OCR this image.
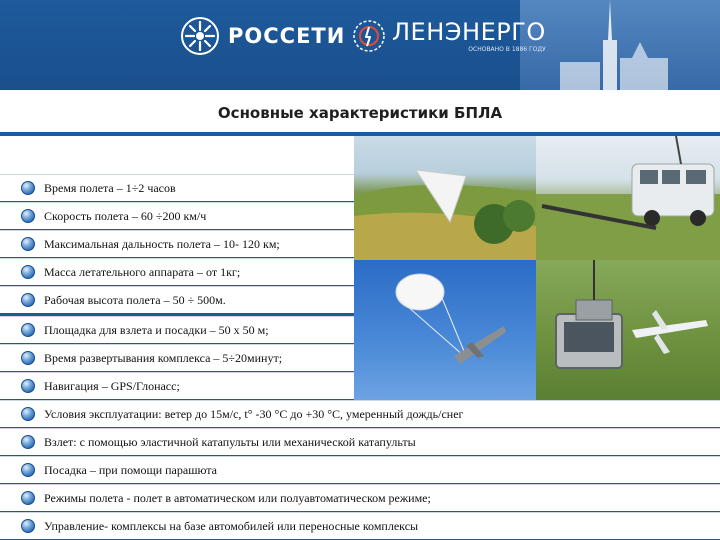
РОССЕТИ ЛЕНЭНЕРГО
ОСНОВАНО В 1886 ГОДУ
Основные характеристики БПЛА
Время полета – 1÷2 часов
Скорость полета – 60 ÷200 км/ч
Максимальная дальность полета – 10- 120 км;
Масса летательного аппарата – от 1кг;
Рабочая высота полета – 50 ÷ 500м.
Площадка для взлета и посадки – 50 х 50 м;
Время развертывания комплекса – 5÷20минут;
Навигация – GPS/Глонасс;
Условия эксплуатации: ветер до 15м/с, t° -30 °C до +30 °C, умеренный дождь/снег
Взлет: с помощью эластичной катапульты или механической катапульты
Посадка – при помощи парашюта
Режимы полета - полет в автоматическом или полуавтоматическом режиме;
Управление- комплексы на базе автомобилей или переносные комплексы
